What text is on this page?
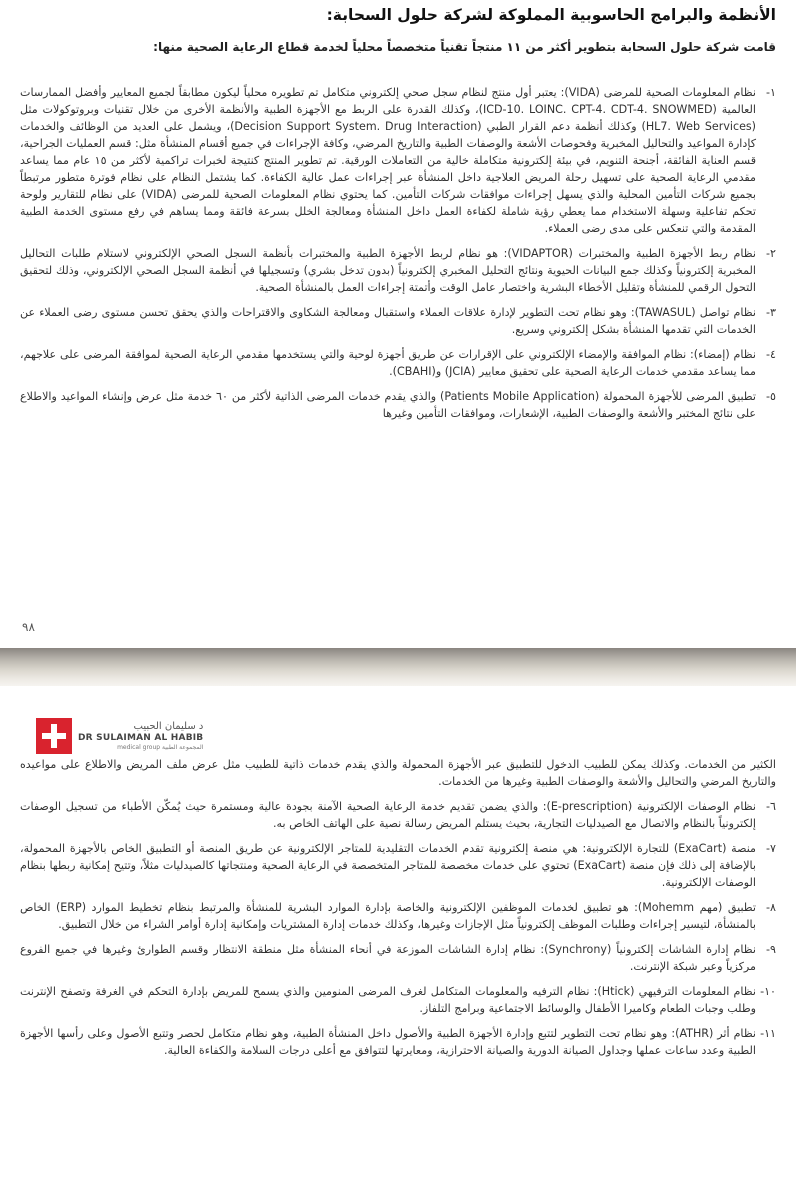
الأنظمة والبرامج الحاسوبية المملوكة لشركة حلول السحابة:
قامت شركة حلول السحابة بتطوير أكثر من ١١ منتجاً تقنياً متخصصاً محلياً لخدمة قطاع الرعاية الصحية منها:
١-
نظام المعلومات الصحية للمرضى (VIDA): يعتبر أول منتج لنظام سجل صحي إلكتروني متكامل تم تطويره محلياً ليكون مطابقاً لجميع المعايير وأفضل الممارسات العالمية (ICD-10. LOINC. CPT-4. CDT-4. SNOWMED)، وكذلك القدرة على الربط مع الأجهزة الطبية والأنظمة الأخرى من خلال تقنيات وبروتوكولات مثل (HL7. Web Services) وكذلك أنظمة دعم القرار الطبي (Decision Support System. Drug Interaction)، ويشمل على العديد من الوظائف والخدمات كإدارة المواعيد والتحاليل المخبرية وفحوصات الأشعة والوصفات الطبية والتاريخ المرضي، وكافة الإجراءات في جميع أقسام المنشأة مثل: قسم العمليات الجراحية، قسم العناية الفائقة، أجنحة التنويم، في بيئة إلكترونية متكاملة خالية من التعاملات الورقية. تم تطوير المنتج كنتيجة لخبرات تراكمية لأكثر من ١٥ عام مما يساعد مقدمي الرعاية الصحية على تسهيل رحلة المريض العلاجية داخل المنشأة عبر إجراءات عمل عالية الكفاءة. كما يشتمل النظام على نظام فوترة متطور مرتبطاً بجميع شركات التأمين المحلية والذي يسهل إجراءات موافقات شركات التأمين. كما يحتوي نظام المعلومات الصحية للمرضى (VIDA) على نظام للتقارير ولوحة تحكم تفاعلية وسهلة الاستخدام مما يعطي رؤية شاملة لكفاءة العمل داخل المنشأة ومعالجة الخلل بسرعة فائقة ومما يساهم في رفع مستوى الخدمة الطبية المقدمة والتي تنعكس على مدى رضى العملاء.
٢-
نظام ربط الأجهزة الطبية والمختبرات (VIDAPTOR): هو نظام لربط الأجهزة الطبية والمختبرات بأنظمة السجل الصحي الإلكتروني لاستلام طلبات التحاليل المخبرية إلكترونياً وكذلك جمع البيانات الحيوية ونتائج التحليل المخبري إلكترونياً (بدون تدخل بشري) وتسجيلها في أنظمة السجل الصحي الإلكتروني، وذلك لتحقيق التحول الرقمي للمنشأة وتقليل الأخطاء البشرية واختصار عامل الوقت وأتمتة إجراءات العمل بالمنشأة الصحية.
٣-
نظام تواصل (TAWASUL): وهو نظام تحت التطوير لإدارة علاقات العملاء واستقبال ومعالجة الشكاوى والاقتراحات والذي يحقق تحسن مستوى رضى العملاء عن الخدمات التي تقدمها المنشأة بشكل إلكتروني وسريع.
٤-
نظام (إمضاء): نظام الموافقة والإمضاء الإلكتروني على الإقرارات عن طريق أجهزة لوحية والتي يستخدمها مقدمي الرعاية الصحية لموافقة المرضى على علاجهم، مما يساعد مقدمي خدمات الرعاية الصحية على تحقيق معايير (JCIA) و(CBAHI).
٥-
تطبيق المرضى للأجهزة المحمولة (Patients Mobile Application) والذي يقدم خدمات المرضى الذاتية لأكثر من ٦٠ خدمة مثل عرض وإنشاء المواعيد والاطلاع على نتائج المختبر والأشعة والوصفات الطبية، الإشعارات، وموافقات التأمين وغيرها
٩٨
د سليمان الحبيب
DR SULAIMAN AL HABIB
medical group المجموعة الطبية
الكثير من الخدمات. وكذلك يمكن للطبيب الدخول للتطبيق عبر الأجهزة المحمولة والذي يقدم خدمات ذاتية للطبيب مثل عرض ملف المريض والاطلاع على مواعيده والتاريخ المرضي والتحاليل والأشعة والوصفات الطبية وغيرها من الخدمات.
٦-
نظام الوصفات الإلكترونية (E-prescription): والذي يضمن تقديم خدمة الرعاية الصحية الآمنة بجودة عالية ومستمرة حيث يُمكّن الأطباء من تسجيل الوصفات إلكترونياً بالنظام والاتصال مع الصيدليات التجارية، بحيث يستلم المريض رسالة نصية على الهاتف الخاص به.
٧-
منصة (ExaCart) للتجارة الإلكترونية: هي منصة إلكترونية تقدم الخدمات التقليدية للمتاجر الإلكترونية عن طريق المنصة أو التطبيق الخاص بالأجهزة المحمولة، بالإضافة إلى ذلك فإن منصة (ExaCart) تحتوي على خدمات مخصصة للمتاجر المتخصصة في الرعاية الصحية ومنتجاتها كالصيدليات مثلاً، وتتيح إمكانية ربطها بنظام الوصفات الإلكترونية.
٨-
تطبيق (مهم Mohemm): هو تطبيق لخدمات الموظفين الإلكترونية والخاصة بإدارة الموارد البشرية للمنشأة والمرتبط بنظام تخطيط الموارد (ERP) الخاص بالمنشأة، لتيسير إجراءات وطلبات الموظف إلكترونياً مثل الإجازات وغيرها، وكذلك خدمات إدارة المشتريات وإمكانية إدارة أوامر الشراء من خلال التطبيق.
٩-
نظام إدارة الشاشات إلكترونياً (Synchrony): نظام إدارة الشاشات الموزعة في أنحاء المنشأة مثل منطقة الانتظار وقسم الطوارئ وغيرها في جميع الفروع مركزياً وعبر شبكة الإنترنت.
١٠-
نظام المعلومات الترفيهي (Htick): نظام الترفيه والمعلومات المتكامل لغرف المرضى المنومين والذي يسمح للمريض بإدارة التحكم في الغرفة وتصفح الإنترنت وطلب وجبات الطعام وكاميرا الأطفال والوسائط الاجتماعية وبرامج التلفاز.
١١-
نظام أثر (ATHR): وهو نظام تحت التطوير لتتبع وإدارة الأجهزة الطبية والأصول داخل المنشأة الطبية، وهو نظام متكامل لحصر وتتبع الأصول وعلى رأسها الأجهزة الطبية وعدد ساعات عملها وجداول الصيانة الدورية والصيانة الاحترازية، ومعايرتها لتتوافق مع أعلى درجات السلامة والكفاءة العالية.
